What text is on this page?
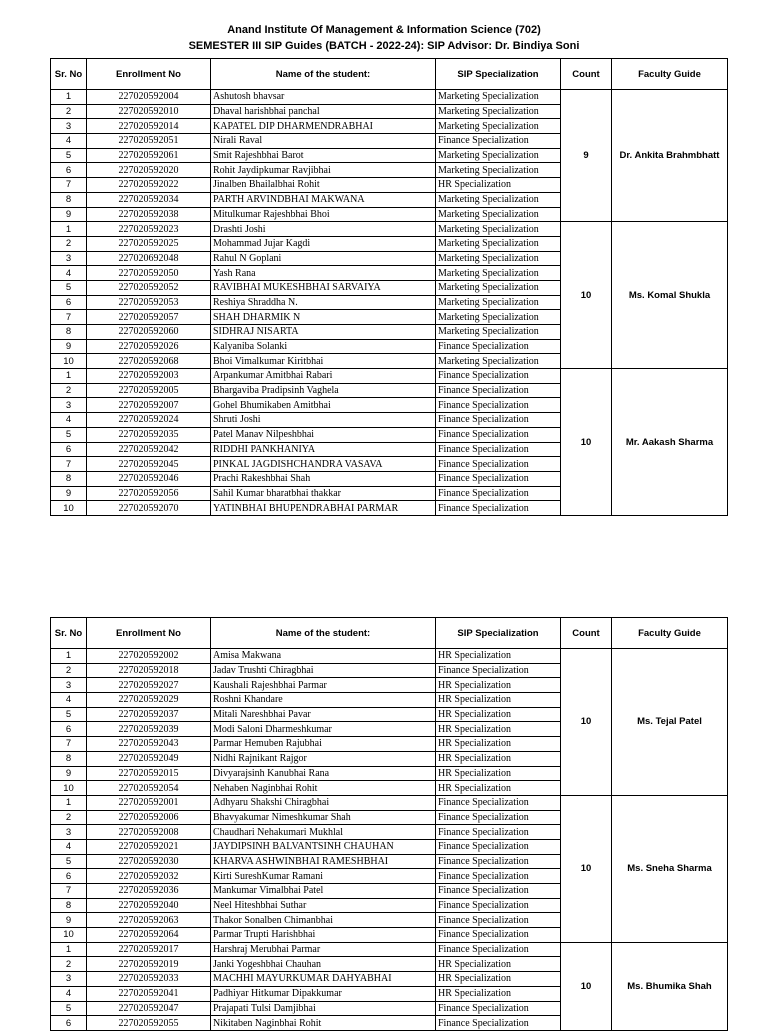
Anand Institute Of Management & Information Science (702)
SEMESTER III SIP Guides (BATCH - 2022-24): SIP Advisor: Dr. Bindiya Soni
Sr. No	Enrollment No	Name of the student:	SIP Specialization	Count	Faculty Guide
1	227020592004	Ashutosh bhavsar	Marketing Specialization	9	Dr. Ankita Brahmbhatt
2	227020592010	Dhaval harishbhai panchal	Marketing Specialization		
3	227020592014	KAPATEL DIP DHARMENDRABHAI	Marketing Specialization		
4	227020592051	Nirali Raval	Finance Specialization		
5	227020592061	Smit Rajeshbhai Barot	Marketing Specialization		
6	227020592020	Rohit Jaydipkumar Ravjibhai	Marketing Specialization		
7	227020592022	Jinalben Bhailalbhai Rohit	HR Specialization		
8	227020592034	PARTH ARVINDBHAI MAKWANA	Marketing Specialization		
9	227020592038	Mitulkumar Rajeshbhai Bhoi	Marketing Specialization		
1	227020592023	Drashti Joshi	Marketing Specialization	10	Ms. Komal Shukla
2	227020592025	Mohammad Jujar Kagdi	Marketing Specialization		
3	227020692048	Rahul N Goplani	Marketing Specialization		
4	227020592050	Yash Rana	Marketing Specialization		
5	227020592052	RAVIBHAI MUKESHBHAI SARVAIYA	Marketing Specialization		
6	227020592053	Reshiya Shraddha N.	Marketing Specialization		
7	227020592057	SHAH DHARMIK N	Marketing Specialization		
8	227020592060	SIDHRAJ NISARTA	Marketing Specialization		
9	227020592026	Kalyaniba Solanki	Finance Specialization		
10	227020592068	Bhoi Vimalkumar Kiritbhai	Marketing Specialization		
1	227020592003	Arpankumar Amitbhai Rabari	Finance Specialization	10	Mr. Aakash Sharma
2	227020592005	Bhargaviba Pradipsinh Vaghela	Finance Specialization		
3	227020592007	Gohel Bhumikaben Amitbhai	Finance Specialization		
4	227020592024	Shruti Joshi	Finance Specialization		
5	227020592035	Patel Manav Nilpeshbhai	Finance Specialization		
6	227020592042	RIDDHI PANKHANIYA	Finance Specialization		
7	227020592045	PINKAL JAGDISHCHANDRA VASAVA	Finance Specialization		
8	227020592046	Prachi Rakeshbhai Shah	Finance Specialization		
9	227020592056	Sahil Kumar bharatbhai thakkar	Finance Specialization		
10	227020592070	YATINBHAI BHUPENDRABHAI PARMAR	Finance Specialization		
Sr. No	Enrollment No	Name of the student:	SIP Specialization	Count	Faculty Guide
1	227020592002	Amisa Makwana	HR Specialization	10	Ms. Tejal Patel
2	227020592018	Jadav Trushti Chiragbhai	Finance Specialization		
3	227020592027	Kaushali Rajeshbhai Parmar	HR Specialization		
4	227020592029	Roshni Khandare	HR Specialization		
5	227020592037	Mitali Nareshbhai Pavar	HR Specialization		
6	227020592039	Modi Saloni Dharmeshkumar	HR Specialization		
7	227020592043	Parmar Hemuben Rajubhai	HR Specialization		
8	227020592049	Nidhi Rajnikant Rajgor	HR Specialization		
9	227020592015	Divyarajsinh Kanubhai Rana	HR Specialization		
10	227020592054	Nehaben Naginbhai Rohit	HR Specialization		
1	227020592001	Adhyaru Shakshi Chiragbhai	Finance Specialization	10	Ms. Sneha Sharma
2	227020592006	Bhavyakumar Nimeshkumar Shah	Finance Specialization		
3	227020592008	Chaudhari Nehakumari Mukhlal	Finance Specialization		
4	227020592021	JAYDIPSINH BALVANTSINH CHAUHAN	Finance Specialization		
5	227020592030	KHARVA ASHWINBHAI RAMESHBHAI	Finance Specialization		
6	227020592032	Kirti SureshKumar Ramani	Finance Specialization		
7	227020592036	Mankumar Vimalbhai Patel	Finance Specialization		
8	227020592040	Neel Hiteshbhai Suthar	Finance Specialization		
9	227020592063	Thakor Sonalben Chimanbhai	Finance Specialization		
10	227020592064	Parmar Trupti Harishbhai	Finance Specialization		
1	227020592017	Harshraj Merubhai Parmar	Finance Specialization	10	Ms. Bhumika Shah
2	227020592019	Janki Yogeshbhai Chauhan	HR Specialization		
3	227020592033	MACHHI MAYURKUMAR DAHYABHAI	HR Specialization		
4	227020592041	Padhiyar Hitkumar Dipakkumar	HR Specialization		
5	227020592047	Prajapati Tulsi Damjibhai	Finance Specialization		
6	227020592055	Nikitaben Naginbhai Rohit	Finance Specialization		
